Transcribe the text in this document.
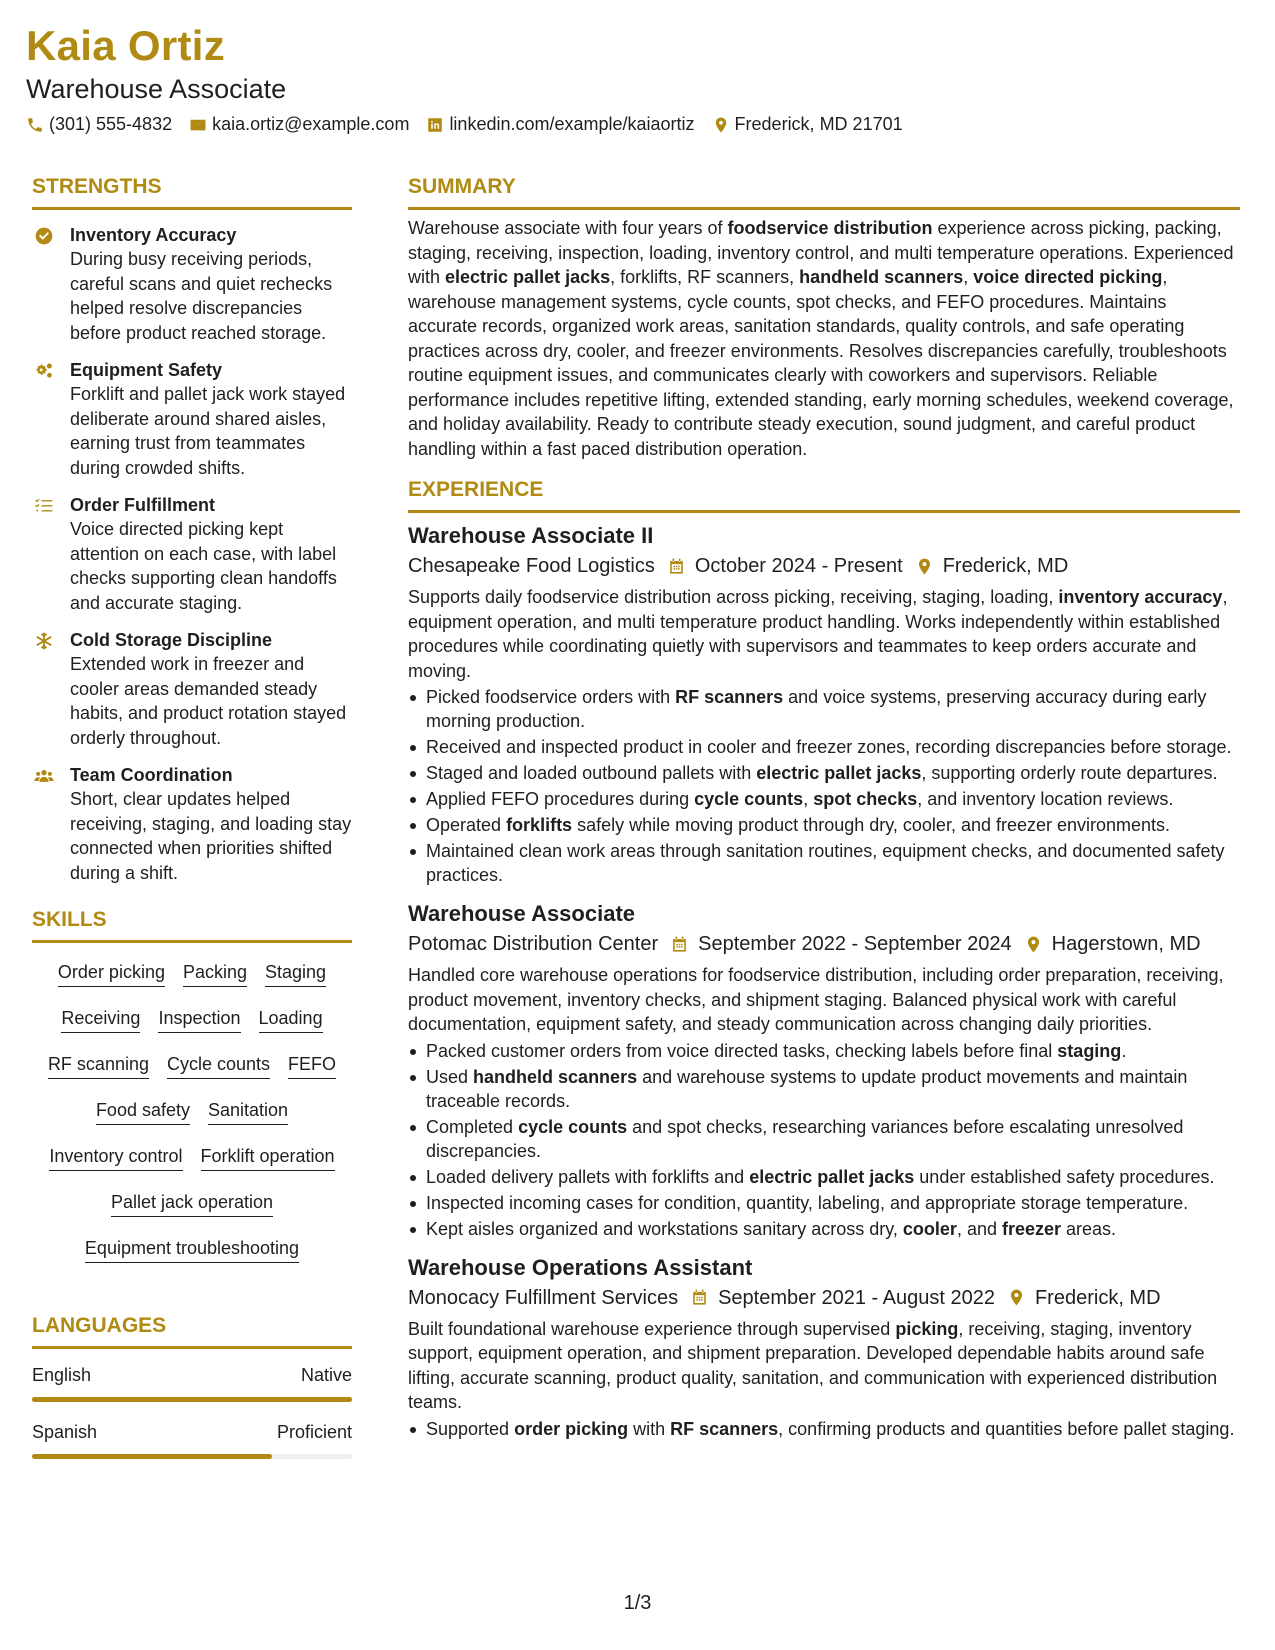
Kaia Ortiz
Warehouse Associate
(301) 555-4832 kaia.ortiz@example.com linkedin.com/example/kaiaortiz Frederick, MD 21701
STRENGTHS
Inventory Accuracy
During busy receiving periods, careful scans and quiet rechecks helped resolve discrepancies before product reached storage.
Equipment Safety
Forklift and pallet jack work stayed deliberate around shared aisles, earning trust from teammates during crowded shifts.
Order Fulfillment
Voice directed picking kept attention on each case, with label checks supporting clean handoffs and accurate staging.
Cold Storage Discipline
Extended work in freezer and cooler areas demanded steady habits, and product rotation stayed orderly throughout.
Team Coordination
Short, clear updates helped receiving, staging, and loading stay connected when priorities shifted during a shift.
SKILLS
Order picking Packing Staging
Receiving Inspection Loading
RF scanning Cycle counts FEFO
Food safety Sanitation
Inventory control Forklift operation
Pallet jack operation
Equipment troubleshooting
LANGUAGES
English	Native
Spanish	Proficient
SUMMARY
Warehouse associate with four years of foodservice distribution experience across picking, packing, staging, receiving, inspection, loading, inventory control, and multi temperature operations. Experienced with electric pallet jacks, forklifts, RF scanners, handheld scanners, voice directed picking, warehouse management systems, cycle counts, spot checks, and FEFO procedures. Maintains accurate records, organized work areas, sanitation standards, quality controls, and safe operating practices across dry, cooler, and freezer environments. Resolves discrepancies carefully, troubleshoots routine equipment issues, and communicates clearly with coworkers and supervisors. Reliable performance includes repetitive lifting, extended standing, early morning schedules, weekend coverage, and holiday availability. Ready to contribute steady execution, sound judgment, and careful product handling within a fast paced distribution operation.
EXPERIENCE
Warehouse Associate II
Chesapeake Food Logistics October 2024 - Present Frederick, MD
Supports daily foodservice distribution across picking, receiving, staging, loading, inventory accuracy, equipment operation, and multi temperature product handling. Works independently within established procedures while coordinating quietly with supervisors and teammates to keep orders accurate and moving.
Picked foodservice orders with RF scanners and voice systems, preserving accuracy during early morning production.
Received and inspected product in cooler and freezer zones, recording discrepancies before storage.
Staged and loaded outbound pallets with electric pallet jacks, supporting orderly route departures.
Applied FEFO procedures during cycle counts, spot checks, and inventory location reviews.
Operated forklifts safely while moving product through dry, cooler, and freezer environments.
Maintained clean work areas through sanitation routines, equipment checks, and documented safety practices.
Warehouse Associate
Potomac Distribution Center September 2022 - September 2024 Hagerstown, MD
Handled core warehouse operations for foodservice distribution, including order preparation, receiving, product movement, inventory checks, and shipment staging. Balanced physical work with careful documentation, equipment safety, and steady communication across changing daily priorities.
Packed customer orders from voice directed tasks, checking labels before final staging.
Used handheld scanners and warehouse systems to update product movements and maintain traceable records.
Completed cycle counts and spot checks, researching variances before escalating unresolved discrepancies.
Loaded delivery pallets with forklifts and electric pallet jacks under established safety procedures.
Inspected incoming cases for condition, quantity, labeling, and appropriate storage temperature.
Kept aisles organized and workstations sanitary across dry, cooler, and freezer areas.
Warehouse Operations Assistant
Monocacy Fulfillment Services September 2021 - August 2022 Frederick, MD
Built foundational warehouse experience through supervised picking, receiving, staging, inventory support, equipment operation, and shipment preparation. Developed dependable habits around safe lifting, accurate scanning, product quality, sanitation, and communication with experienced distribution teams.
Supported order picking with RF scanners, confirming products and quantities before pallet staging.
1/3
